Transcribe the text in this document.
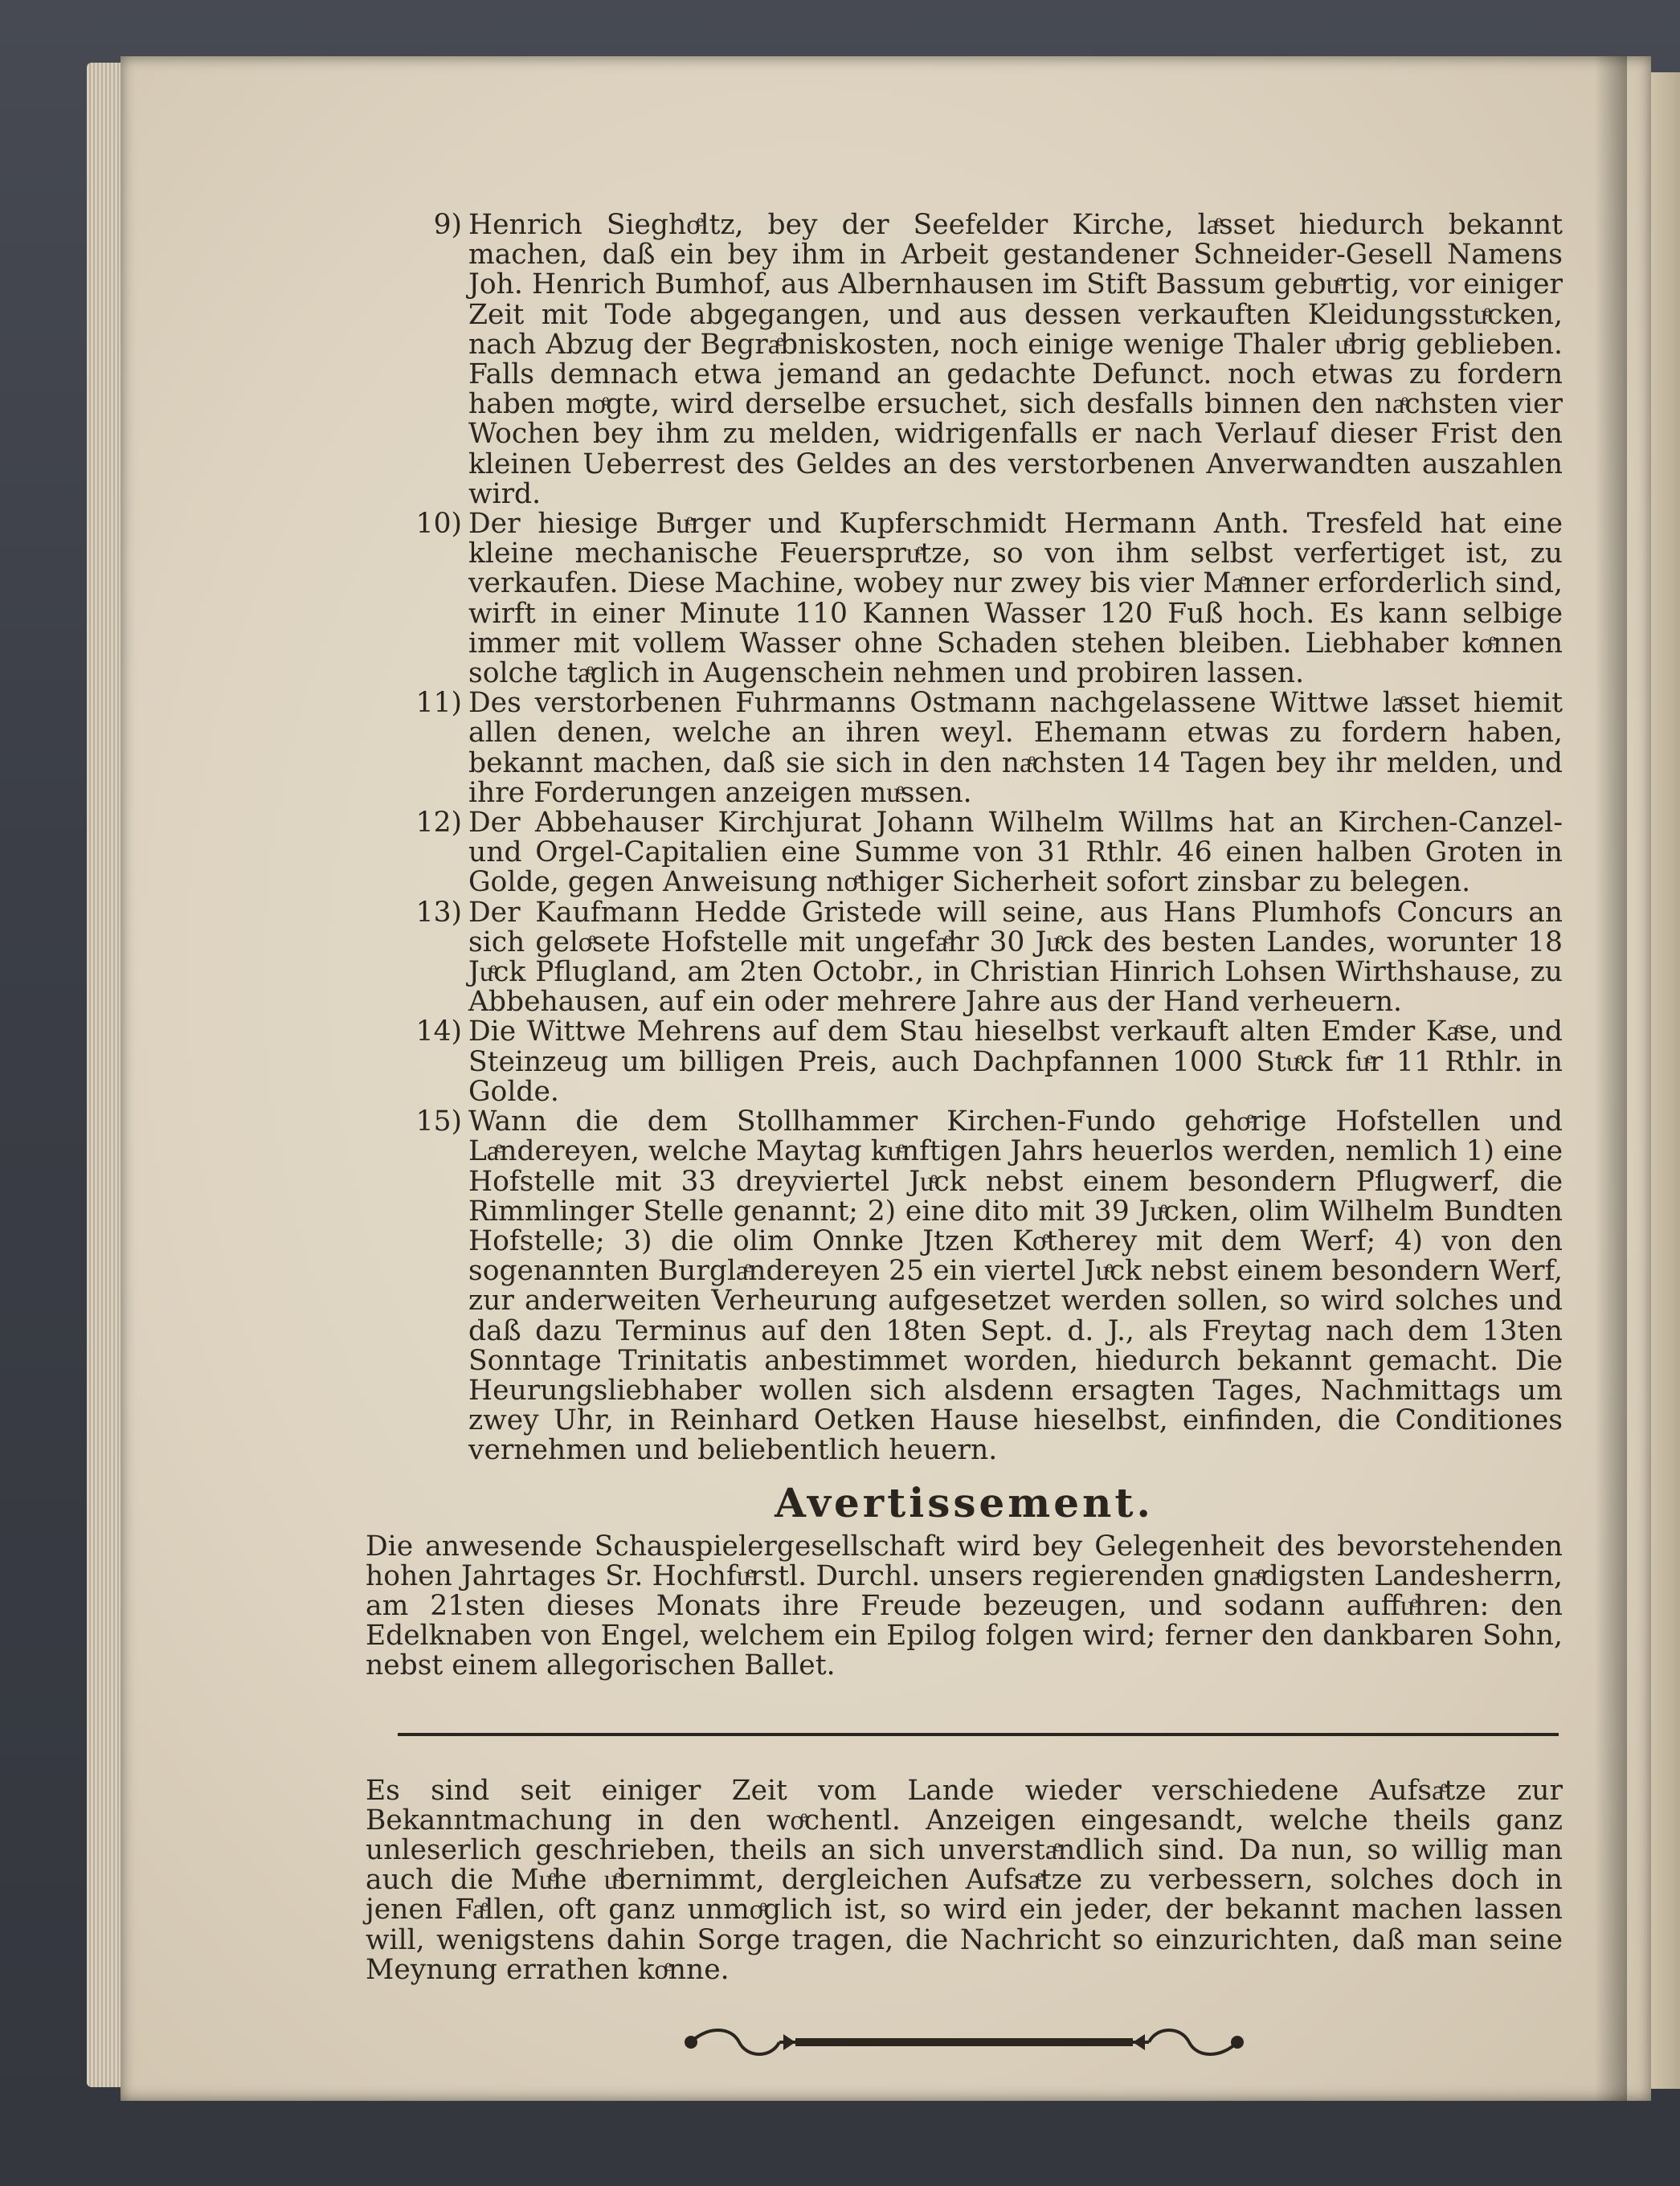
9) Henrich Sieghoͤltz, bey der Seefelder Kirche, laͤsset hiedurch bekannt machen, daß ein bey ihm in Arbeit gestandener Schneider-Gesell Namens Joh. Henrich Bumhof, aus Albernhausen im Stift Bassum gebuͤrtig, vor einiger Zeit mit Tode abgegangen, und aus dessen verkauften Kleidungsstuͤcken, nach Abzug der Begraͤbniskosten, noch einige wenige Thaler uͤbrig geblieben. Falls demnach etwa jemand an gedachte Defunct. noch etwas zu fordern haben moͤgte, wird derselbe ersuchet, sich desfalls binnen den naͤchsten vier Wochen bey ihm zu melden, widrigenfalls er nach Verlauf dieser Frist den kleinen Ueberrest des Geldes an des verstorbenen Anverwandten auszahlen wird.
10) Der hiesige Buͤrger und Kupferschmidt Hermann Anth. Tresfeld hat eine kleine mechanische Feuerspruͤtze, so von ihm selbst verfertiget ist, zu verkaufen. Diese Machine, wobey nur zwey bis vier Maͤnner erforderlich sind, wirft in einer Minute 110 Kannen Wasser 120 Fuß hoch. Es kann selbige immer mit vollem Wasser ohne Schaden stehen bleiben. Liebhaber koͤnnen solche taͤglich in Augenschein nehmen und probiren lassen.
11) Des verstorbenen Fuhrmanns Ostmann nachgelassene Wittwe laͤsset hiemit allen denen, welche an ihren weyl. Ehemann etwas zu fordern haben, bekannt machen, daß sie sich in den naͤchsten 14 Tagen bey ihr melden, und ihre Forderungen anzeigen muͤssen.
12) Der Abbehauser Kirchjurat Johann Wilhelm Willms hat an Kirchen-Canzel- und Orgel-Capitalien eine Summe von 31 Rthlr. 46 einen halben Groten in Golde, gegen Anweisung noͤthiger Sicherheit sofort zinsbar zu belegen.
13) Der Kaufmann Hedde Gristede will seine, aus Hans Plumhofs Concurs an sich geloͤsete Hofstelle mit ungefaͤhr 30 Juͤck des besten Landes, worunter 18 Juͤck Pflugland, am 2ten Octobr., in Christian Hinrich Lohsen Wirthshause, zu Abbehausen, auf ein oder mehrere Jahre aus der Hand verheuern.
14) Die Wittwe Mehrens auf dem Stau hieselbst verkauft alten Emder Kaͤse, und Steinzeug um billigen Preis, auch Dachpfannen 1000 Stuͤck fuͤr 11 Rthlr. in Golde.
15) Wann die dem Stollhammer Kirchen-Fundo gehoͤrige Hofstellen und Laͤndereyen, welche Maytag kuͤnftigen Jahrs heuerlos werden, nemlich 1) eine Hofstelle mit 33 dreyviertel Juͤck nebst einem besondern Pflugwerf, die Rimmlinger Stelle genannt; 2) eine dito mit 39 Juͤcken, olim Wilhelm Bundten Hofstelle; 3) die olim Onnke Jtzen Koͤtherey mit dem Werf; 4) von den sogenannten Burglaͤndereyen 25 ein viertel Juͤck nebst einem besondern Werf, zur anderweiten Verheurung aufgesetzet werden sollen, so wird solches und daß dazu Terminus auf den 18ten Sept. d. J., als Freytag nach dem 13ten Sonntage Trinitatis anbestimmet worden, hiedurch bekannt gemacht. Die Heurungsliebhaber wollen sich alsdenn ersagten Tages, Nachmittags um zwey Uhr, in Reinhard Oetken Hause hieselbst, einfinden, die Conditiones vernehmen und beliebentlich heuern.
Avertissement.
Die anwesende Schauspielergesellschaft wird bey Gelegenheit des bevorstehenden hohen Jahrtages Sr. Hochfuͤrstl. Durchl. unsers regierenden gnaͤdigsten Landesherrn, am 21sten dieses Monats ihre Freude bezeugen, und sodann auffuͤhren: den Edelknaben von Engel, welchem ein Epilog folgen wird; ferner den dankbaren Sohn, nebst einem allegorischen Ballet.
Es sind seit einiger Zeit vom Lande wieder verschiedene Aufsaͤtze zur Bekanntmachung in den woͤchentl. Anzeigen eingesandt, welche theils ganz unleserlich geschrieben, theils an sich unverstaͤndlich sind. Da nun, so willig man auch die Muͤhe uͤbernimmt, dergleichen Aufsaͤtze zu verbessern, solches doch in jenen Faͤllen, oft ganz unmoͤglich ist, so wird ein jeder, der bekannt machen lassen will, wenigstens dahin Sorge tragen, die Nachricht so einzurichten, daß man seine Meynung errathen koͤnne.
